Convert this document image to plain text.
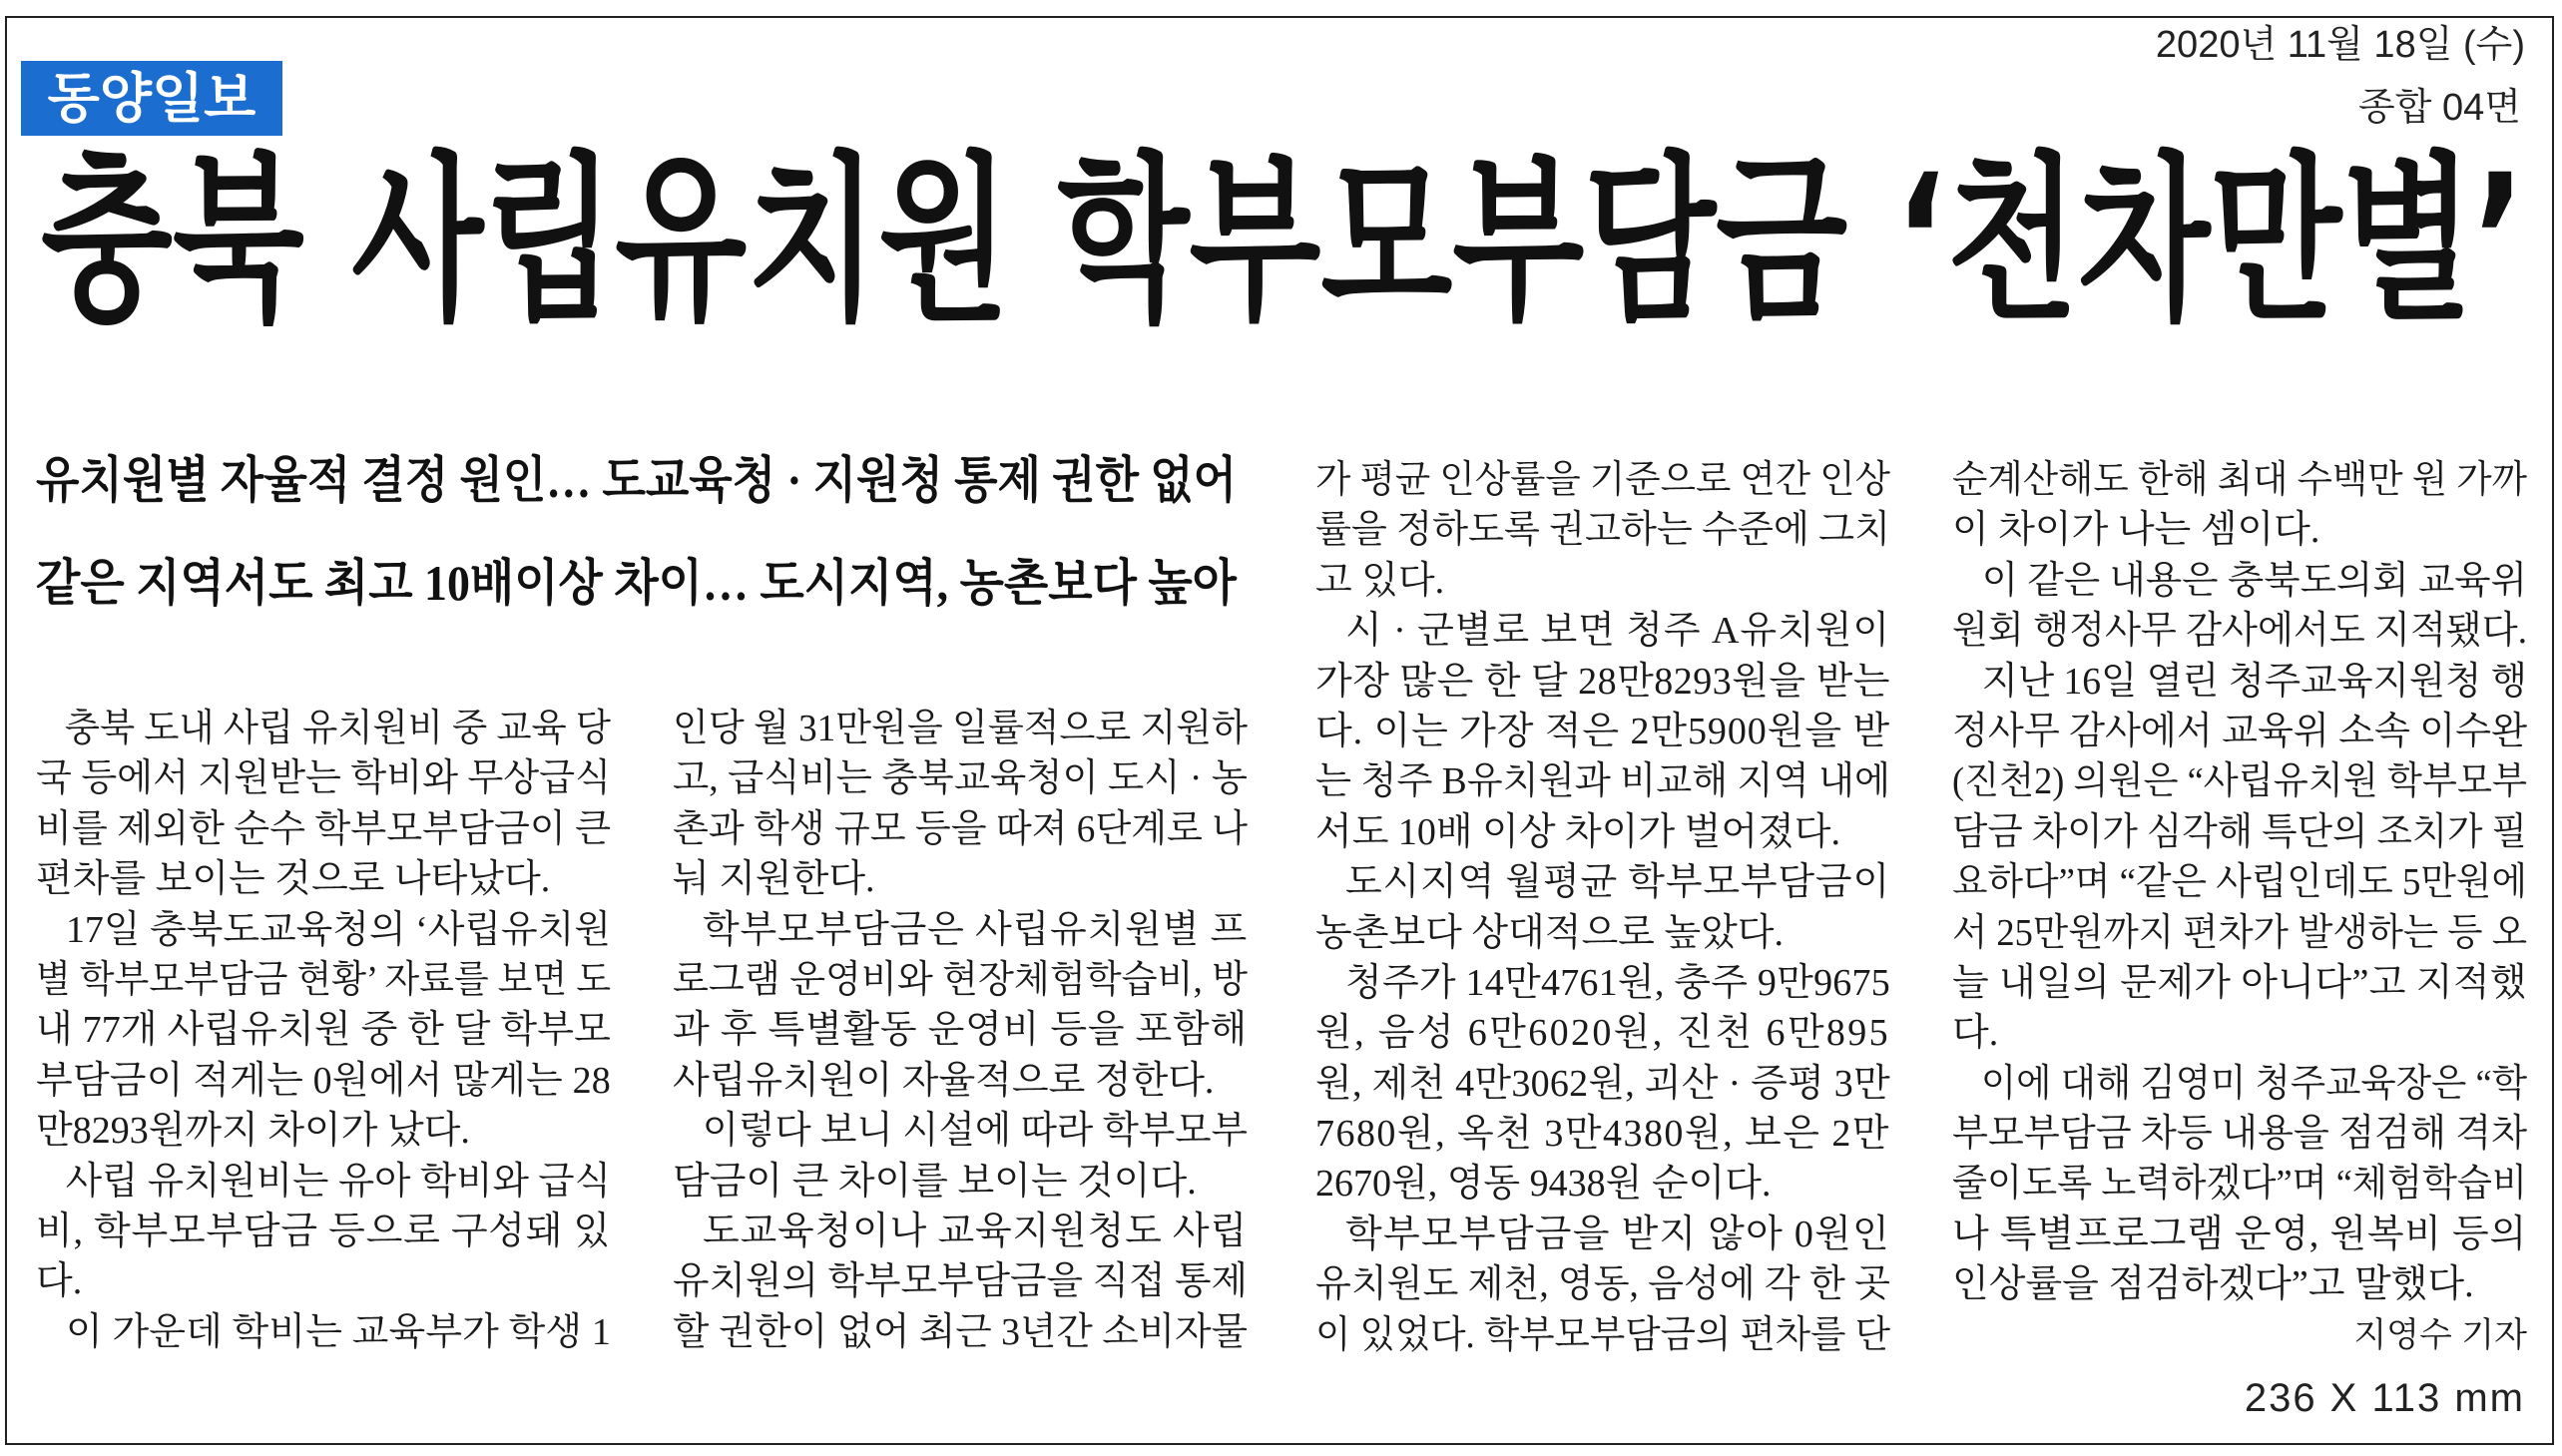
동양일보
2020년 11월 18일 (수)
종합 04면
충북 사립유치원 학부모부담금 ‘천차만별’
유치원별 자율적 결정 원인… 도교육청 · 지원청 통제 권한 없어
같은 지역서도 최고 10배이상 차이… 도시지역, 농촌보다 높아
충북 도내 사립 유치원비 중 교육 당
국 등에서 지원받는 학비와 무상급식
비를 제외한 순수 학부모부담금이 큰
편차를 보이는 것으로 나타났다.
17일 충북도교육청의 ‘사립유치원
별 학부모부담금 현황’ 자료를 보면 도
내 77개 사립유치원 중 한 달 학부모
부담금이 적게는 0원에서 많게는 28
만8293원까지 차이가 났다.
사립 유치원비는 유아 학비와 급식
비, 학부모부담금 등으로 구성돼 있
다.
이 가운데 학비는 교육부가 학생 1
인당 월 31만원을 일률적으로 지원하
고, 급식비는 충북교육청이 도시 · 농
촌과 학생 규모 등을 따져 6단계로 나
눠 지원한다.
학부모부담금은 사립유치원별 프
로그램 운영비와 현장체험학습비, 방
과 후 특별활동 운영비 등을 포함해
사립유치원이 자율적으로 정한다.
이렇다 보니 시설에 따라 학부모부
담금이 큰 차이를 보이는 것이다.
도교육청이나 교육지원청도 사립
유치원의 학부모부담금을 직접 통제
할 권한이 없어 최근 3년간 소비자물
가 평균 인상률을 기준으로 연간 인상
률을 정하도록 권고하는 수준에 그치
고 있다.
시 · 군별로 보면 청주 A유치원이
가장 많은 한 달 28만8293원을 받는
다. 이는 가장 적은 2만5900원을 받
는 청주 B유치원과 비교해 지역 내에
서도 10배 이상 차이가 벌어졌다.
도시지역 월평균 학부모부담금이
농촌보다 상대적으로 높았다.
청주가 14만4761원, 충주 9만9675
원, 음성 6만6020원, 진천 6만895
원, 제천 4만3062원, 괴산 · 증평 3만
7680원, 옥천 3만4380원, 보은 2만
2670원, 영동 9438원 순이다.
학부모부담금을 받지 않아 0원인
유치원도 제천, 영동, 음성에 각 한 곳
이 있었다. 학부모부담금의 편차를 단
순계산해도 한해 최대 수백만 원 가까
이 차이가 나는 셈이다.
이 같은 내용은 충북도의회 교육위
원회 행정사무 감사에서도 지적됐다.
지난 16일 열린 청주교육지원청 행
정사무 감사에서 교육위 소속 이수완
(진천2) 의원은 “사립유치원 학부모부
담금 차이가 심각해 특단의 조치가 필
요하다”며 “같은 사립인데도 5만원에
서 25만원까지 편차가 발생하는 등 오
늘 내일의 문제가 아니다”고 지적했
다.
이에 대해 김영미 청주교육장은 “학
부모부담금 차등 내용을 점검해 격차
줄이도록 노력하겠다”며 “체험학습비
나 특별프로그램 운영, 원복비 등의
인상률을 점검하겠다”고 말했다.
지영수 기자
236 X 113 mm
